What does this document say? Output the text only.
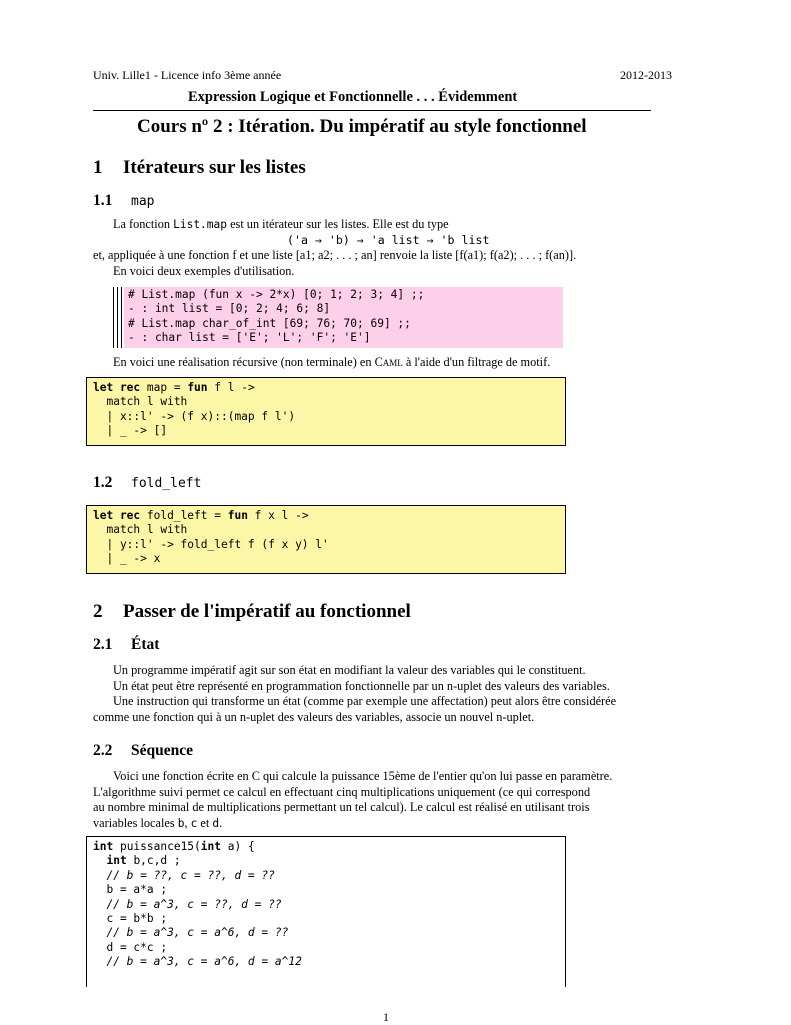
Univ. Lille1 - Licence info 3ème année	2012-2013
Expression Logique et Fonctionnelle . . . Évidemment
Cours nº 2 : Itération. Du impératif au style fonctionnel
1 Itérateurs sur les listes
1.1 map
La fonction List.map est un itérateur sur les listes. Elle est du type
('a → 'b) → 'a list → 'b list
et, appliquée à une fonction f et une liste [a1; a2; . . . ; an] renvoie la liste [f(a1); f(a2); . . . ; f(an)].
En voici deux exemples d'utilisation.
# List.map (fun x -> 2*x) [0; 1; 2; 3; 4] ;;
- : int list = [0; 2; 4; 6; 8]
# List.map char_of_int [69; 76; 70; 69] ;;
- : char list = ['E'; 'L'; 'F'; 'E']
En voici une réalisation récursive (non terminale) en Caml à l'aide d'un filtrage de motif.
let rec map = fun f l ->
match l with
| x::l' -> (f x)::(map f l')
| _ -> []
1.2 fold_left
let rec fold_left = fun f x l ->
match l with
| y::l' -> fold_left f (f x y) l'
| _ -> x
2 Passer de l'impératif au fonctionnel
2.1 État
Un programme impératif agit sur son état en modifiant la valeur des variables qui le constituent.
Un état peut être représenté en programmation fonctionnelle par un n-uplet des valeurs des variables.
Une instruction qui transforme un état (comme par exemple une affectation) peut alors être considérée
comme une fonction qui à un n-uplet des valeurs des variables, associe un nouvel n-uplet.
2.2 Séquence
Voici une fonction écrite en C qui calcule la puissance 15ème de l'entier qu'on lui passe en paramètre.
L'algorithme suivi permet ce calcul en effectuant cinq multiplications uniquement (ce qui correspond
au nombre minimal de multiplications permettant un tel calcul). Le calcul est réalisé en utilisant trois
variables locales b, c et d.
int puissance15(int a) {
int b,c,d ;
// b = ??, c = ??, d = ??
b = a*a ;
// b = a^3, c = ??, d = ??
c = b*b ;
// b = a^3, c = a^6, d = ??
d = c*c ;
// b = a^3, c = a^6, d = a^12
1
